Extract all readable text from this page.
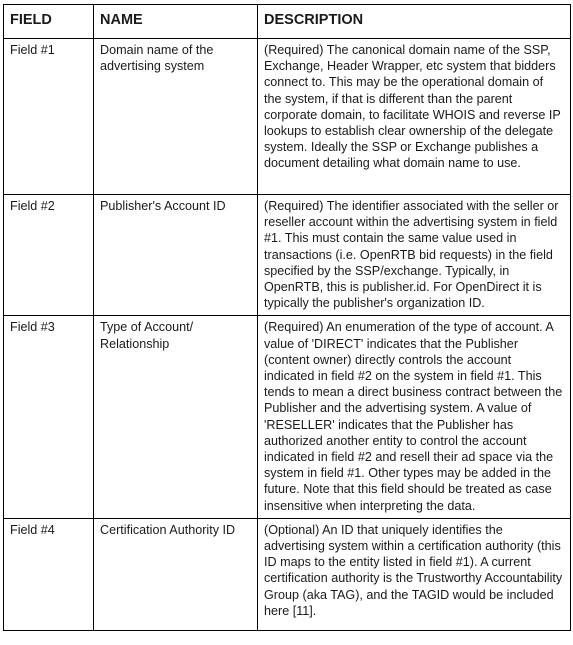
FIELD	NAME	DESCRIPTION
Field #1	Domain name of the advertising system	(Required) The canonical domain name of the SSP, Exchange, Header Wrapper, etc system that bidders connect to. This may be the operational domain of the system, if that is different than the parent corporate domain, to facilitate WHOIS and reverse IP lookups to establish clear ownership of the delegate system. Ideally the SSP or Exchange publishes a document detailing what domain name to use.
Field #2	Publisher's Account ID	(Required) The identifier associated with the seller or reseller account within the advertising system in field #1. This must contain the same value used in transactions (i.e. OpenRTB bid requests) in the field specified by the SSP/exchange. Typically, in OpenRTB, this is publisher.id. For OpenDirect it is typically the publisher's organization ID.
Field #3	Type of Account/ Relationship	(Required) An enumeration of the type of account. A value of 'DIRECT' indicates that the Publisher (content owner) directly controls the account indicated in field #2 on the system in field #1. This tends to mean a direct business contract between the Publisher and the advertising system. A value of 'RESELLER' indicates that the Publisher has authorized another entity to control the account indicated in field #2 and resell their ad space via the system in field #1. Other types may be added in the future. Note that this field should be treated as case insensitive when interpreting the data.
Field #4	Certification Authority ID	(Optional) An ID that uniquely identifies the advertising system within a certification authority (this ID maps to the entity listed in field #1). A current certification authority is the Trustworthy Accountability Group (aka TAG), and the TAGID would be included here [11].
